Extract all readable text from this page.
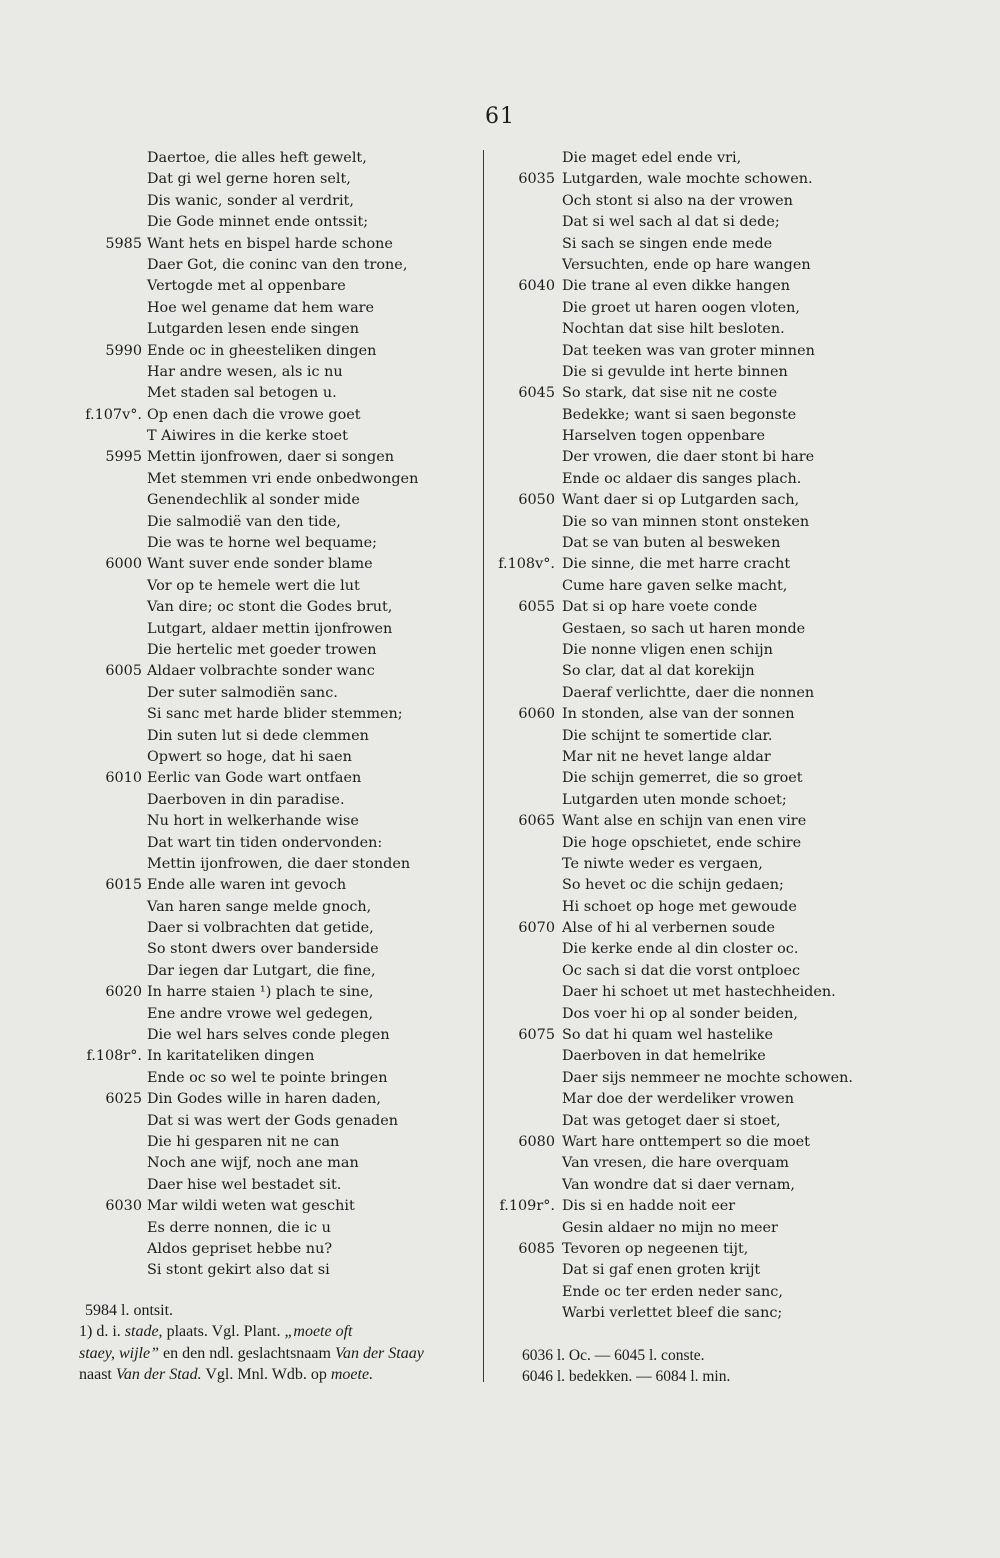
61
Daertoe, die alles heft gewelt,
Dat gi wel gerne horen selt,
Dis wanic, sonder al verdrit,
Die Gode minnet ende ontssit;
5985 Want hets en bispel harde schone
Daer Got, die coninc van den trone,
Vertogde met al oppenbare
Hoe wel gename dat hem ware
Lutgarden lesen ende singen
5990 Ende oc in gheesteliken dingen
Har andre wesen, als ic nu
Met staden sal betogen u.
f.107v°. Op enen dach die vrowe goet
T Aiwires in die kerke stoet
5995 Mettin ijonfrowen, daer si songen
Met stemmen vri ende onbedwongen
Genendechlik al sonder mide
Die salmodië van den tide,
Die was te horne wel bequame;
6000 Want suver ende sonder blame
Vor op te hemele wert die lut
Van dire; oc stont die Godes brut,
Lutgart, aldaer mettin ijonfrowen
Die hertelic met goeder trowen
6005 Aldaer volbrachte sonder wanc
Der suter salmodiën sanc.
Si sanc met harde blider stemmen;
Din suten lut si dede clemmen
Opwert so hoge, dat hi saen
6010 Eerlic van Gode wart ontfaen
Daerboven in din paradise.
Nu hort in welkerhande wise
Dat wart tin tiden ondervonden:
Mettin ijonfrowen, die daer stonden
6015 Ende alle waren int gevoch
Van haren sange melde gnoch,
Daer si volbrachten dat getide,
So stont dwers over banderside
Dar iegen dar Lutgart, die fine,
6020 In harre staien ¹) plach te sine,
Ene andre vrowe wel gedegen,
Die wel hars selves conde plegen
f.108r°. In karitateliken dingen
Ende oc so wel te pointe bringen
6025 Din Godes wille in haren daden,
Dat si was wert der Gods genaden
Die hi gesparen nit ne can
Noch ane wijf, noch ane man
Daer hise wel bestadet sit.
6030 Mar wildi weten wat geschit
Es derre nonnen, die ic u
Aldos gepriset hebbe nu?
Si stont gekirt also dat si
Die maget edel ende vri,
6035 Lutgarden, wale mochte schowen.
Och stont si also na der vrowen
Dat si wel sach al dat si dede;
Si sach se singen ende mede
Versuchten, ende op hare wangen
6040 Die trane al even dikke hangen
Die groet ut haren oogen vloten,
Nochtan dat sise hilt besloten.
Dat teeken was van groter minnen
Die si gevulde int herte binnen
6045 So stark, dat sise nit ne coste
Bedekke; want si saen begonste
Harselven togen oppenbare
Der vrowen, die daer stont bi hare
Ende oc aldaer dis sanges plach.
6050 Want daer si op Lutgarden sach,
Die so van minnen stont onsteken
Dat se van buten al besweken
f.108v°. Die sinne, die met harre cracht
Cume hare gaven selke macht,
6055 Dat si op hare voete conde
Gestaen, so sach ut haren monde
Die nonne vligen enen schijn
So clar, dat al dat korekijn
Daeraf verlichtte, daer die nonnen
6060 In stonden, alse van der sonnen
Die schijnt te somertide clar.
Mar nit ne hevet lange aldar
Die schijn gemerret, die so groet
Lutgarden uten monde schoet;
6065 Want alse en schijn van enen vire
Die hoge opschietet, ende schire
Te niwte weder es vergaen,
So hevet oc die schijn gedaen;
Hi schoet op hoge met gewoude
6070 Alse of hi al verbernen soude
Die kerke ende al din closter oc.
Oc sach si dat die vorst ontploec
Daer hi schoet ut met hastechheiden.
Dos voer hi op al sonder beiden,
6075 So dat hi quam wel hastelike
Daerboven in dat hemelrike
Daer sijs nemmeer ne mochte schowen.
Mar doe der werdeliker vrowen
Dat was getoget daer si stoet,
6080 Wart hare onttempert so die moet
Van vresen, die hare overquam
Van wondre dat si daer vernam,
f.109r°. Dis si en hadde noit eer
Gesin aldaer no mijn no meer
6085 Tevoren op negeenen tijt,
Dat si gaf enen groten krijt
Ende oc ter erden neder sanc,
Warbi verlettet bleef die sanc;
5984 l. ontsit.
1) d. i. stade, plaats. Vgl. Plant. „moete oft
staey, wijle” en den ndl. geslachtsnaam Van der Staay
naast Van der Stad. Vgl. Mnl. Wdb. op moete.
6036 l. Oc. — 6045 l. conste.
6046 l. bedekken. — 6084 l. min.
